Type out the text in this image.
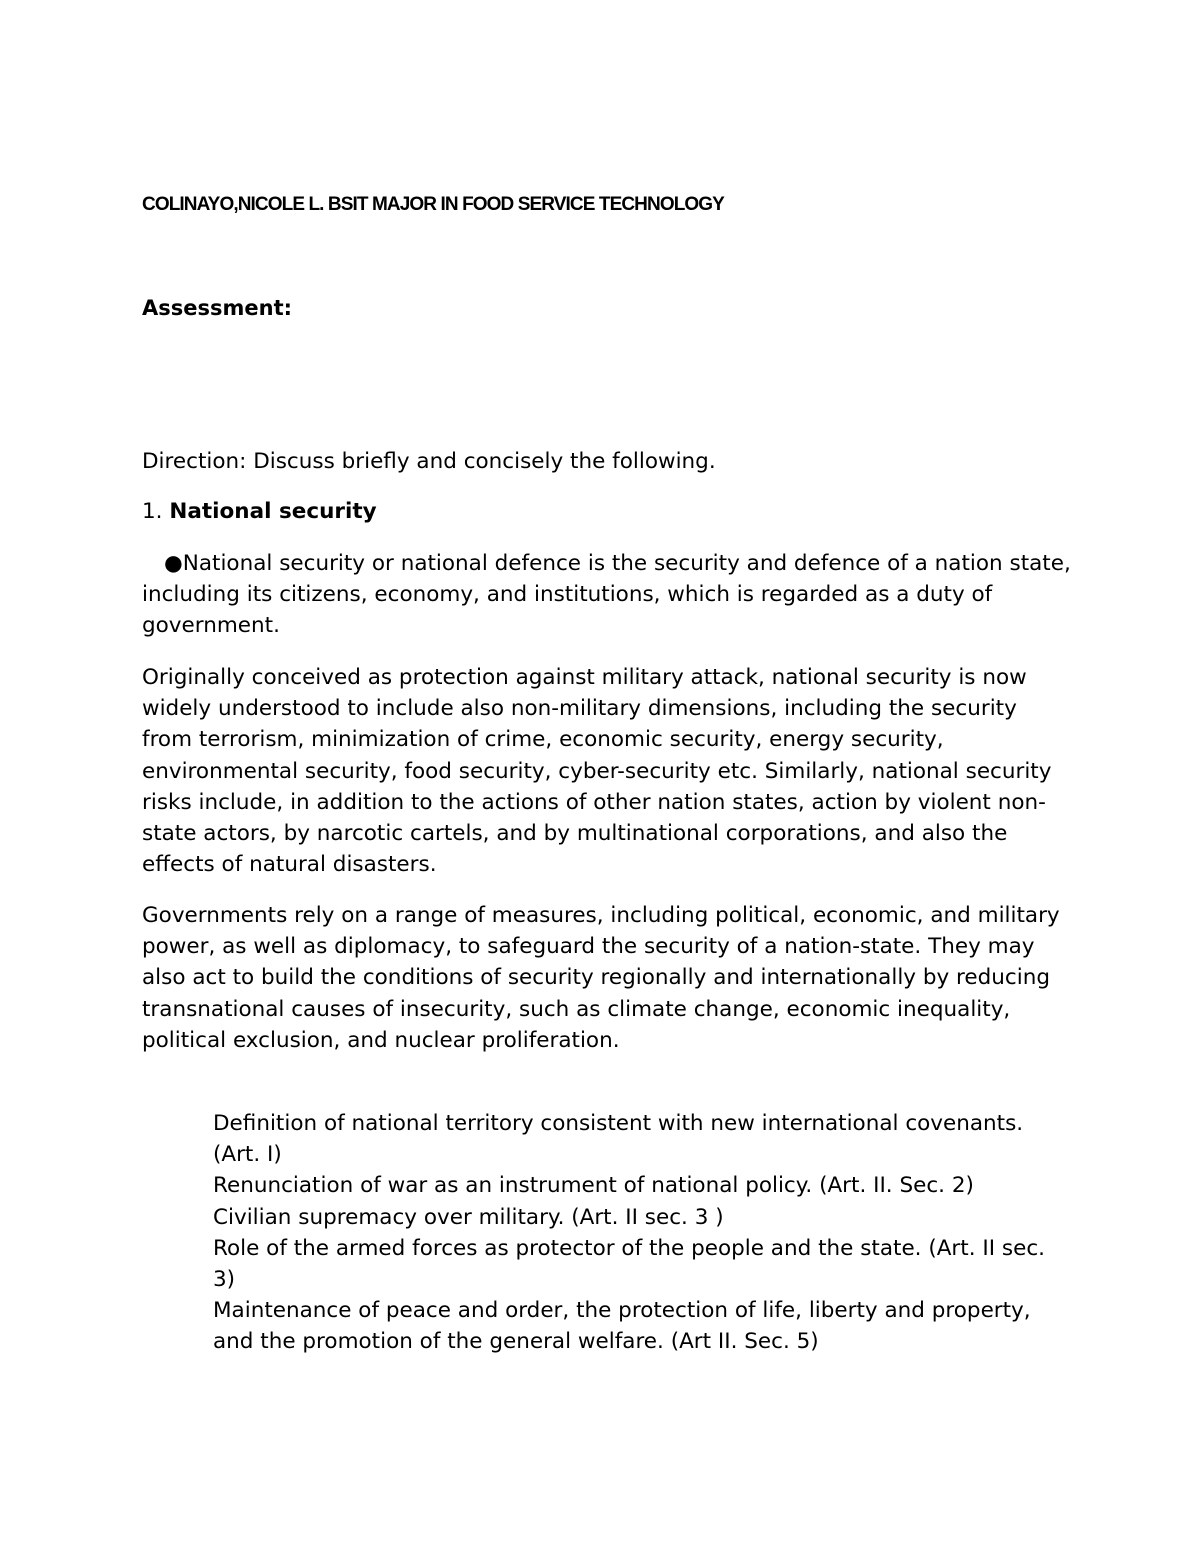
COLINAYO,NICOLE L. BSIT MAJOR IN FOOD SERVICE TECHNOLOGY
Assessment:
Direction: Discuss briefly and concisely the following.
1. National security
●National security or national defence is the security and defence of a nation state, including its citizens, economy, and institutions, which is regarded as a duty of government.
Originally conceived as protection against military attack, national security is now widely understood to include also non-military dimensions, including the security from terrorism, minimization of crime, economic security, energy security, environmental security, food security, cyber-security etc. Similarly, national security risks include, in addition to the actions of other nation states, action by violent non-state actors, by narcotic cartels, and by multinational corporations, and also the effects of natural disasters.
Governments rely on a range of measures, including political, economic, and military power, as well as diplomacy, to safeguard the security of a nation-state. They may also act to build the conditions of security regionally and internationally by reducing transnational causes of insecurity, such as climate change, economic inequality, political exclusion, and nuclear proliferation.
Definition of national territory consistent with new international covenants. (Art. I)
Renunciation of war as an instrument of national policy. (Art. II. Sec. 2)
Civilian supremacy over military. (Art. II sec. 3 )
Role of the armed forces as protector of the people and the state. (Art. II sec. 3)
Maintenance of peace and order, the protection of life, liberty and property, and the promotion of the general welfare. (Art II. Sec. 5)
